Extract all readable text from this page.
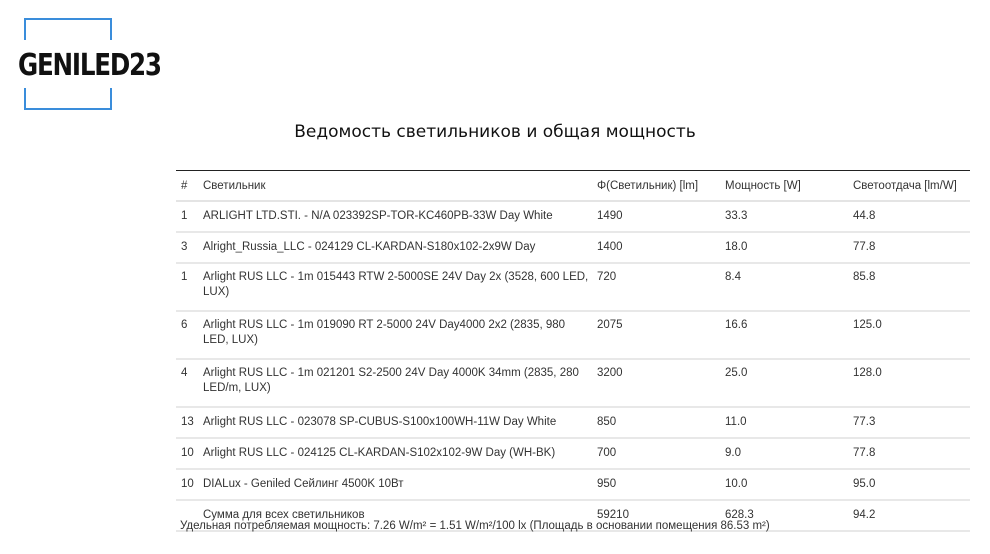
GENILED23
Ведомость светильников и общая мощность
#	Светильник	Φ(Светильник) [lm]	Мощность [W]	Светоотдача [lm/W]
1	ARLIGHT LTD.STI. - N/A 023392SP-TOR-KC460PB-33W Day White	1490	33.3	44.8
3	Alright_Russia_LLC - 024129 CL-KARDAN-S180x102-2x9W Day	1400	18.0	77.8
1	Arlight RUS LLC - 1m 015443 RTW 2-5000SE 24V Day 2x (3528, 600 LED, LUX)	720	8.4	85.8
6	Arlight RUS LLC - 1m 019090 RT 2-5000 24V Day4000 2x2 (2835, 980 LED, LUX)	2075	16.6	125.0
4	Arlight RUS LLC - 1m 021201 S2-2500 24V Day 4000K 34mm (2835, 280 LED/m, LUX)	3200	25.0	128.0
13	Arlight RUS LLC - 023078 SP-CUBUS-S100x100WH-11W Day White	850	11.0	77.3
10	Arlight RUS LLC - 024125 CL-KARDAN-S102x102-9W Day (WH-BK)	700	9.0	77.8
10	DIALux - Geniled Сейлинг 4500K 10Вт	950	10.0	95.0
	Сумма для всех светильников	59210	628.3	94.2
Удельная потребляемая мощность: 7.26 W/m² = 1.51 W/m²/100 lx (Площадь в основании помещения 86.53 m²)
